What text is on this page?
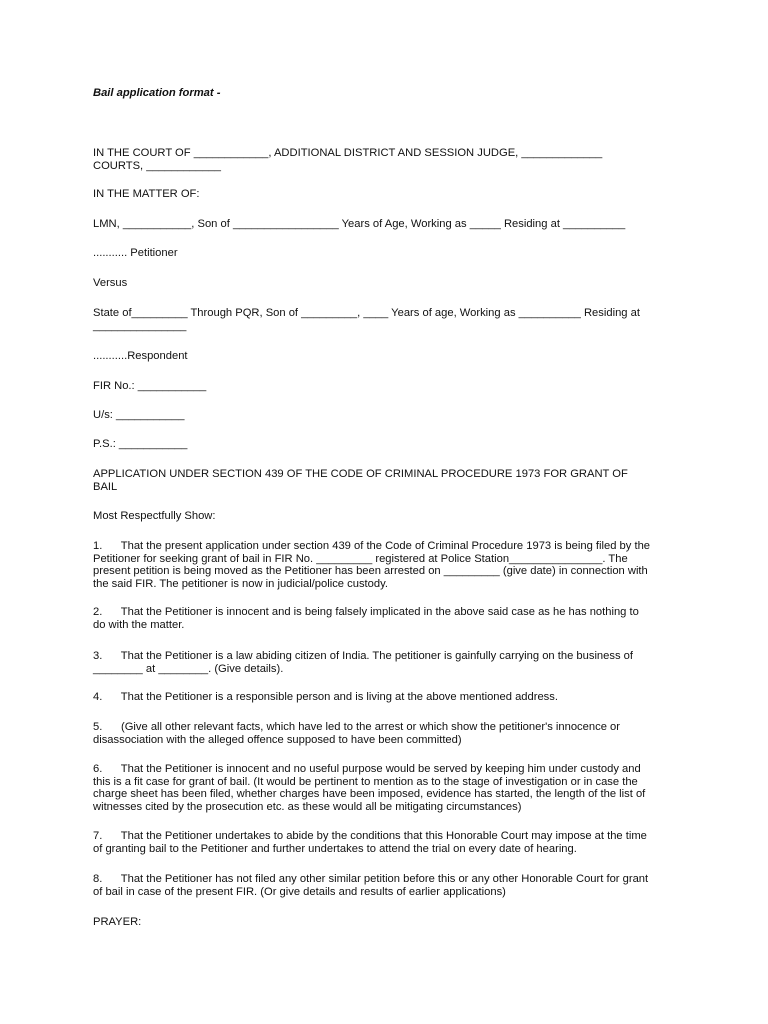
Bail application format -
IN THE COURT OF ____________, ADDITIONAL DISTRICT AND SESSION JUDGE, _____________
COURTS, ____________
IN THE MATTER OF:
LMN, ___________, Son of _________________ Years of Age, Working as _____ Residing at __________
........... Petitioner
Versus
State of_________ Through PQR, Son of _________, ____ Years of age, Working as __________ Residing at
_______________
...........Respondent
FIR No.: ___________
U/s: ___________
P.S.: ___________
APPLICATION UNDER SECTION 439 OF THE CODE OF CRIMINAL PROCEDURE 1973 FOR GRANT OF
BAIL
Most Respectfully Show:
1.      That the present application under section 439 of the Code of Criminal Procedure 1973 is being filed by the
Petitioner for seeking grant of bail in FIR No. _________ registered at Police Station_______________. The
present petition is being moved as the Petitioner has been arrested on _________ (give date) in connection with
the said FIR. The petitioner is now in judicial/police custody.
2.      That the Petitioner is innocent and is being falsely implicated in the above said case as he has nothing to
do with the matter.
3.      That the Petitioner is a law abiding citizen of India. The petitioner is gainfully carrying on the business of
________ at ________. (Give details).
4.      That the Petitioner is a responsible person and is living at the above mentioned address.
5.      (Give all other relevant facts, which have led to the arrest or which show the petitioner's innocence or
disassociation with the alleged offence supposed to have been committed)
6.      That the Petitioner is innocent and no useful purpose would be served by keeping him under custody and
this is a fit case for grant of bail. (It would be pertinent to mention as to the stage of investigation or in case the
charge sheet has been filed, whether charges have been imposed, evidence has started, the length of the list of
witnesses cited by the prosecution etc. as these would all be mitigating circumstances)
7.      That the Petitioner undertakes to abide by the conditions that this Honorable Court may impose at the time
of granting bail to the Petitioner and further undertakes to attend the trial on every date of hearing.
8.      That the Petitioner has not filed any other similar petition before this or any other Honorable Court for grant
of bail in case of the present FIR. (Or give details and results of earlier applications)
PRAYER:
